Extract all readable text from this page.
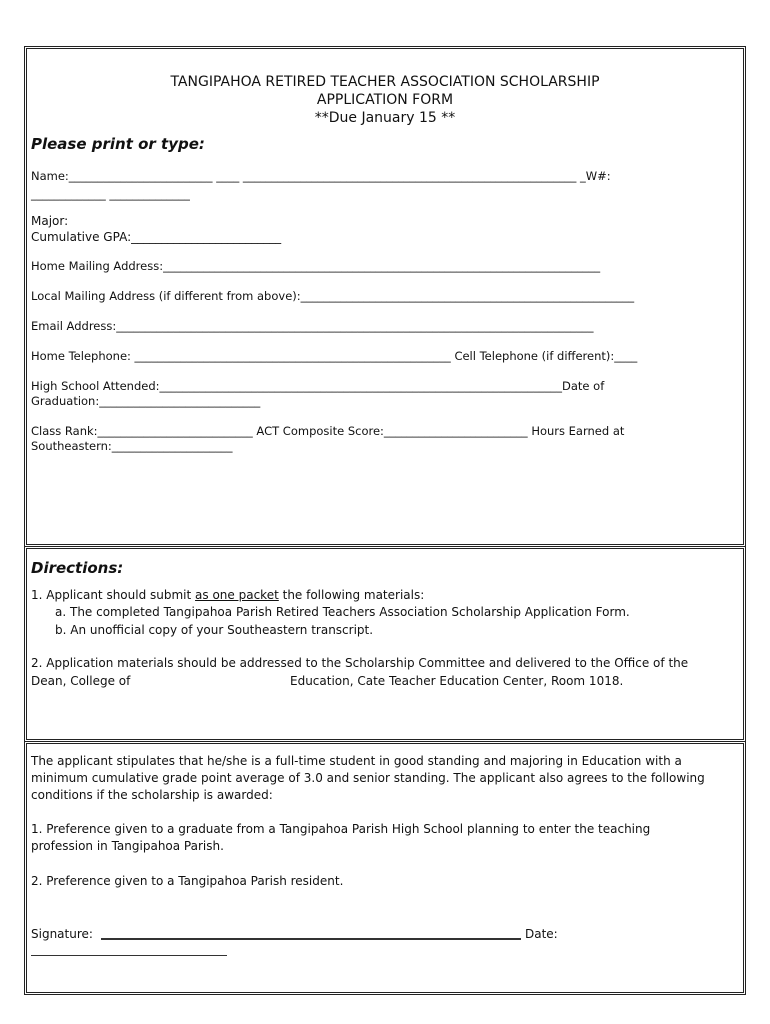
TANGIPAHOA RETIRED TEACHER ASSOCIATION SCHOLARSHIP
APPLICATION FORM
**Due January 15 **
Please print or type:
Name:_________________________ ____ __________________________________________________________ _W#:
_____________ ______________
Major:
Cumulative GPA:_________________________
Home Mailing Address:____________________________________________________________________________
Local Mailing Address (if different from above):__________________________________________________________
Email Address:___________________________________________________________________________________
Home Telephone: _______________________________________________________ Cell Telephone (if different):____
High School Attended:______________________________________________________________________Date of
Graduation:____________________________
Class Rank:___________________________ ACT Composite Score:_________________________ Hours Earned at
Southeastern:_____________________
Directions:
1. Applicant should submit as one packet the following materials:
a. The completed Tangipahoa Parish Retired Teachers Association Scholarship Application Form.
b. An unofficial copy of your Southeastern transcript.
2. Application materials should be addressed to the Scholarship Committee and delivered to the Office of the
Dean, College of	Education, Cate Teacher Education Center, Room 1018.
The applicant stipulates that he/she is a full-time student in good standing and majoring in Education with a
minimum cumulative grade point average of 3.0 and senior standing. The applicant also agrees to the following
conditions if the scholarship is awarded:
1. Preference given to a graduate from a Tangipahoa Parish High School planning to enter the teaching
profession in Tangipahoa Parish.
2. Preference given to a Tangipahoa Parish resident.
Signature:	Date:
